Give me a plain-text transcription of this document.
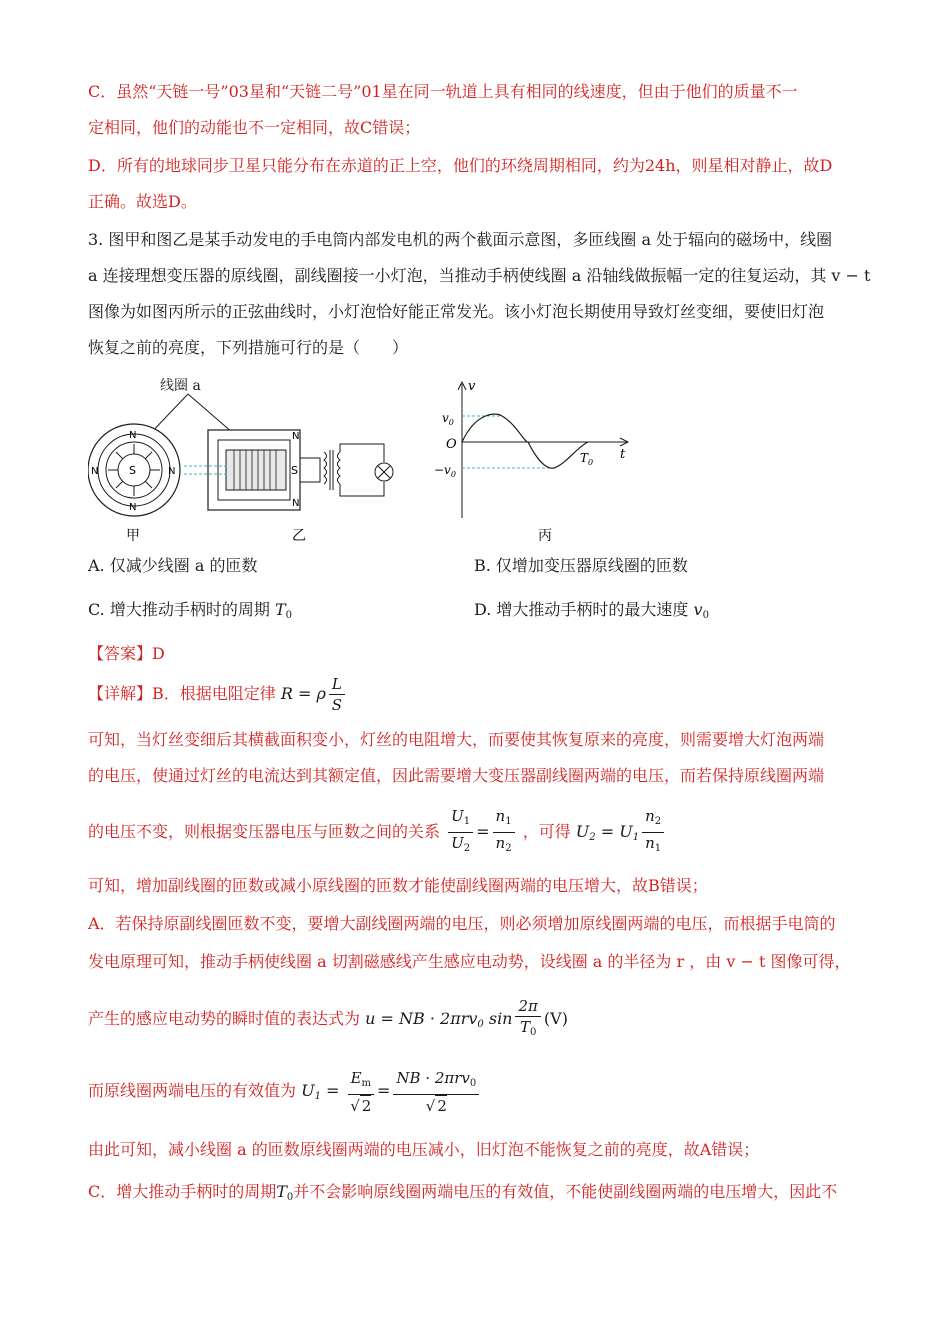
C．虽然“天链一号”03星和“天链二号”01星在同一轨道上具有相同的线速度，但由于他们的质量不一
定相同，他们的动能也不一定相同，故C错误；
D．所有的地球同步卫星只能分布在赤道的正上空，他们的环绕周期相同，约为24h，则星相对静止，故D
正确。故选D。
3. 图甲和图乙是某手动发电的手电筒内部发电机的两个截面示意图，多匝线圈 a 处于辐向的磁场中，线圈
a 连接理想变压器的原线圈，副线圈接一小灯泡，当推动手柄使线圈 a 沿轴线做振幅一定的往复运动，其 v − t
图像为如图丙所示的正弦曲线时，小灯泡恰好能正常发光。该小灯泡长期使用导致灯丝变细，要使旧灯泡
恢复之前的亮度，下列措施可行的是（　　）
线圈 a
S
N
N
N	N	S
N
N
v
t
O
$v_0$
$-v_0$
$T_0$
甲	乙	丙
A. 仅减少线圈 a 的匝数	B. 仅增加变压器原线圈的匝数
C. 增大推动手柄时的周期 $T_0$	D. 增大推动手柄时的最大速度 $v_0$
【答案】D
【详解】B．根据电阻定律 R = ρ $\frac{L}{S}$
可知，当灯丝变细后其横截面积变小，灯丝的电阻增大，而要使其恢复原来的亮度，则需要增大灯泡两端
的电压，使通过灯丝的电流达到其额定值，因此需要增大变压器副线圈两端的电压，而若保持原线圈两端
的电压不变，则根据变压器电压与匝数之间的关系 $\frac{U_1}{U_2} = \frac{n_1}{n_2}$ ，可得 $U_2 = U_1 \frac{n_2}{n_1}$
可知，增加副线圈的匝数或减小原线圈的匝数才能使副线圈两端的电压增大，故B错误；
A．若保持原副线圈匝数不变，要增大副线圈两端的电压，则必须增加原线圈两端的电压，而根据手电筒的
发电原理可知，推动手柄使线圈 a 切割磁感线产生感应电动势，设线圈 a 的半径为 r ，由 v − t 图像可得，
产生的感应电动势的瞬时值的表达式为 u = NB · 2πrv$_0$ $\sin \frac{2\pi}{T_0} (V)$
而原线圈两端电压的有效值为 $U_1 = \frac{E_m}{√ 2} = \frac{NB \cdot 2\pi rv_0}{√ 2}$
由此可知，减小线圈 a 的匝数原线圈两端的电压减小，旧灯泡不能恢复之前的亮度，故A错误；
C．增大推动手柄时的周期$T_0$并不会影响原线圈两端电压的有效值，不能使副线圈两端的电压增大，因此不
